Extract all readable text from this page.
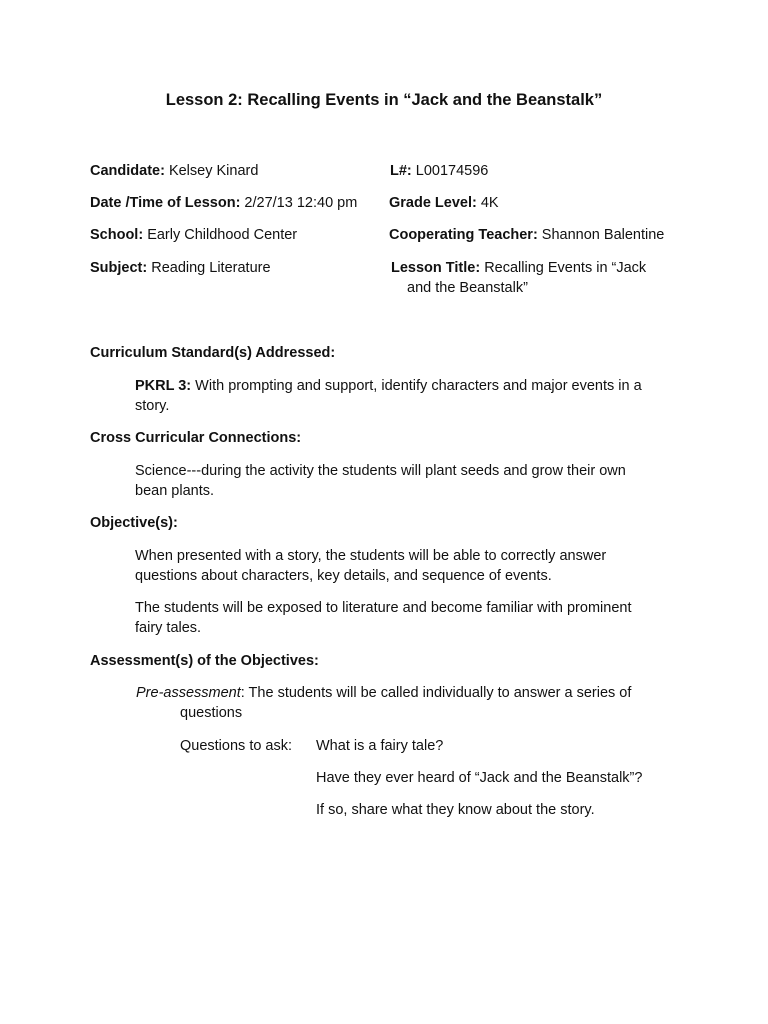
Lesson 2: Recalling Events in “Jack and the Beanstalk”
Candidate: Kelsey Kinard	L#: L00174596
Date /Time of Lesson: 2/27/13 12:40 pm Grade Level: 4K
School: Early Childhood Center	Cooperating Teacher: Shannon Balentine
Subject: Reading Literature	Lesson Title: Recalling Events in “Jack
and the Beanstalk”
Curriculum Standard(s) Addressed:
PKRL 3: With prompting and support, identify characters and major events in a
story.
Cross Curricular Connections:
Science---during the activity the students will plant seeds and grow their own
bean plants.
Objective(s):
When presented with a story, the students will be able to correctly answer
questions about characters, key details, and sequence of events.
The students will be exposed to literature and become familiar with prominent
fairy tales.
Assessment(s) of the Objectives:
Pre-assessment: The students will be called individually to answer a series of
questions
Questions to ask: What is a fairy tale?
Have they ever heard of “Jack and the Beanstalk”?
If so, share what they know about the story.
